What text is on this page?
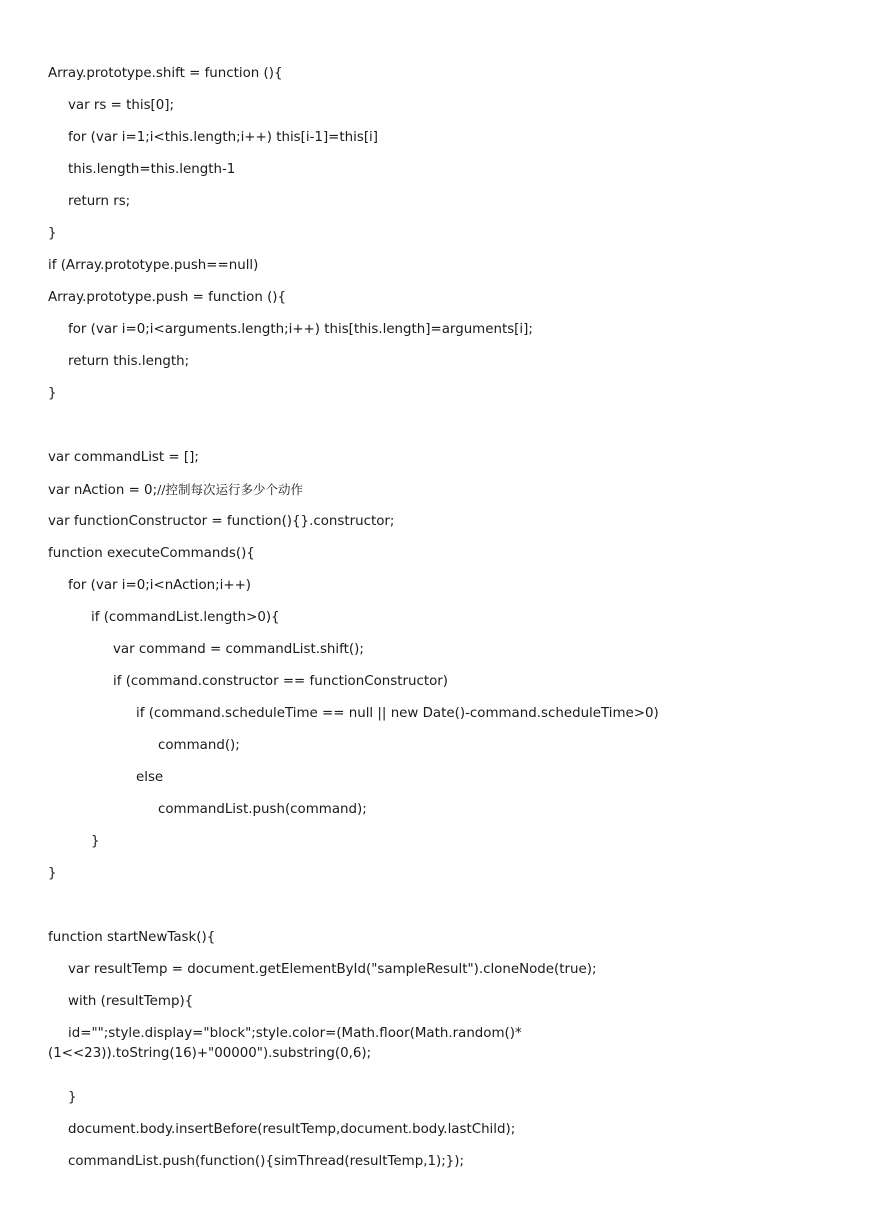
Array.prototype.shift = function (){
var rs = this[0];
for (var i=1;i<this.length;i++) this[i-1]=this[i]
this.length=this.length-1
return rs;
}
if (Array.prototype.push==null)
Array.prototype.push = function (){
for (var i=0;i<arguments.length;i++) this[this.length]=arguments[i];
return this.length;
}
var commandList = [];
var nAction = 0;//控制每次运行多少个动作
var functionConstructor = function(){}.constructor;
function executeCommands(){
for (var i=0;i<nAction;i++)
if (commandList.length>0){
var command = commandList.shift();
if (command.constructor == functionConstructor)
if (command.scheduleTime == null || new Date()-command.scheduleTime>0)
command();
else
commandList.push(command);
}
}
function startNewTask(){
var resultTemp = document.getElementById("sampleResult").cloneNode(true);
with (resultTemp){
id="";style.display="block";style.color=(Math.floor(Math.random()*
(1<<23)).toString(16)+"00000").substring(0,6);
}
document.body.insertBefore(resultTemp,document.body.lastChild);
commandList.push(function(){simThread(resultTemp,1);});
